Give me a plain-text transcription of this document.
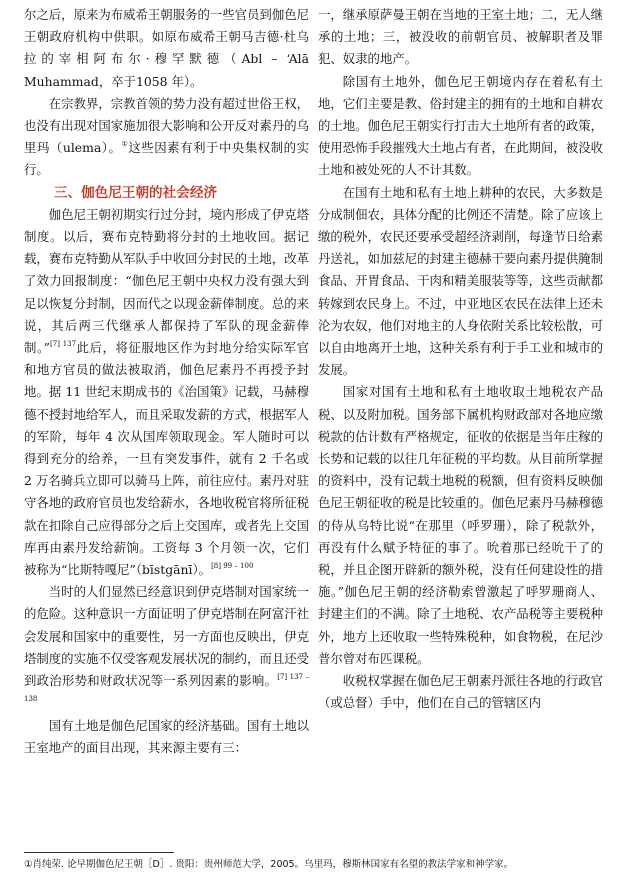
尔之后，原来为布威希王朝服务的一些官员到伽色尼王朝政府机构中供职。如原布威希王朝马吉德·杜乌拉的宰相阿布尔·穆罕默德（Abl – ‘Alā Muhammad，卒于1058 年）。

在宗教界，宗教首领的势力没有超过世俗王权，也没有出现对国家施加很大影响和公开反对素丹的乌里玛（ulema）。①这些因素有利于中央集权制的实行。

三、伽色尼王朝的社会经济

伽色尼王朝初期实行过分封，境内形成了伊克塔制度。以后，赛布克特勤将分封的土地收回。据记载，赛布克特勤从军队手中收回分封民的土地，改革了效力回报制度：“伽色尼王朝中央权力没有强大到足以恢复分封制，因而代之以现金薪俸制度。总的来说，其后两三代继承人都保持了军队的现金薪俸制。”$^{[7] 137}$此后，将征服地区作为封地分给实际军官和地方官员的做法被取消，伽色尼素丹不再授予封地。据 11 世纪末期成书的《治国策》记载，马赫穆德不授封地给军人，而且采取发薪的方式，根据军人的军阶，每年 4 次从国库领取现金。军人随时可以得到充分的给养，一旦有突发事件，就有 2 千名或 2 万名骑兵立即可以骑马上阵，前往应付。素丹对驻守各地的政府官员也发给薪水，各地收税官将所征税款在扣除自己应得部分之后上交国库，或者先上交国库再由素丹发给薪饷。工资每 3 个月领一次，它们被称为“比斯特嘎尼”（bīstgānī）。$^{[8] 99 - 100}$

当时的人们显然已经意识到伊克塔制对国家统一的危险。这种意识一方面证明了伊克塔制在阿富汗社会发展和国家中的重要性，另一方面也反映出，伊克塔制度的实施不仅受客观发展状况的制约，而且还受到政治形势和财政状况等一系列因素的影响。$^{[7] 137 - 138}$

国有土地是伽色尼国家的经济基础。国有土地以王室地产的面目出现，其来源主要有三：

一，继承原萨曼王朝在当地的王室土地；二，无人继承的土地；三，被没收的前朝官员、被解职者及罪犯、奴隶的地产。

除国有土地外，伽色尼王朝境内存在着私有土地，它们主要是教、俗封建主的拥有的土地和自耕农的土地。伽色尼王朝实行打击大土地所有者的政策，使用恐怖手段摧残大土地占有者，在此期间，被没收土地和被处死的人不计其数。

在国有土地和私有土地上耕种的农民，大多数是分成制佃农，具体分配的比例还不清楚。除了应该上缴的税外，农民还要承受超经济剥削，每逢节日给素丹送礼，如加兹尼的封建主德赫干要向素丹提供腌制食品、开胃食品、干肉和精美服装等等，这些贡献都转嫁到农民身上。不过，中亚地区农民在法律上还未沦为农奴，他们对地主的人身依附关系比较松散，可以自由地离开土地，这种关系有利于手工业和城市的发展。

国家对国有土地和私有土地收取土地税农产品税、以及附加税。国务部下属机构财政部对各地应缴税款的估计数有严格规定，征收的依据是当年庄稼的长势和记载的以往几年征税的平均数。从目前所掌握的资料中，没有记载土地税的税额，但有资料反映伽色尼王朝征收的税是比较重的。伽色尼素丹马赫穆德的侍从乌特比说“在那里（呼罗珊），除了税款外，再没有什么赋予特征的事了。吮着那已经吮干了的税，并且企图开辟新的额外税，没有任何建设性的措施。”伽色尼王朝的经济勒索曾激起了呼罗珊商人、封建主们的不满。除了土地税、农产品税等主要税种外，地方上还收取一些特殊税种，如食物税，在尼沙普尔曾对布匹课税。

收税权掌握在伽色尼王朝素丹派往各地的行政官（或总督）手中，他们在自己的管辖区内

①肖纯荣. 论早期伽色尼王朝［D］. 贵阳：贵州师范大学，2005。乌里玛，穆斯林国家有名望的教法学家和神学家。
